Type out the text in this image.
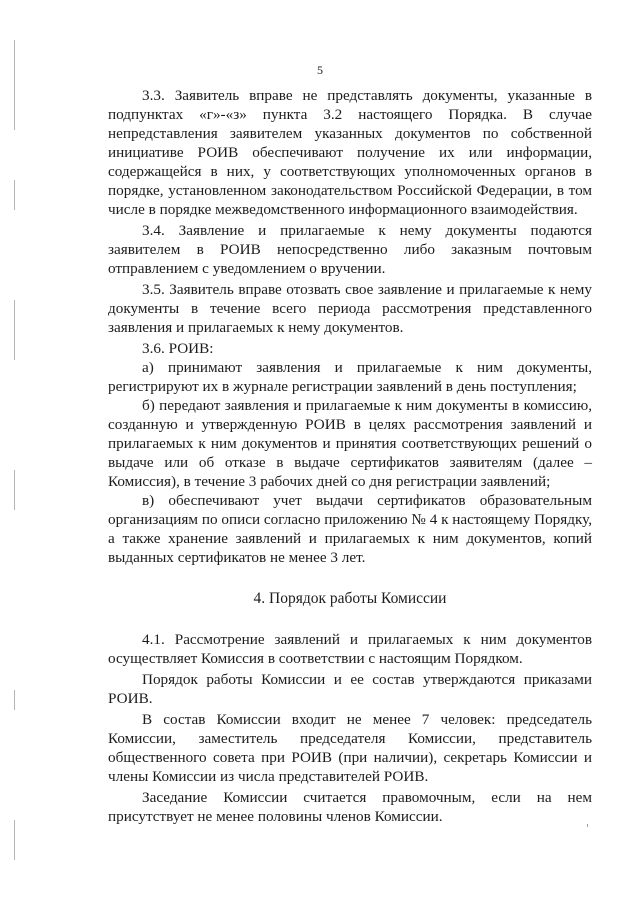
5

3.3. Заявитель вправе не представлять документы, указанные в подпунктах «г»-«з» пункта 3.2 настоящего Порядка. В случае непредставления заявителем указанных документов по собственной инициативе РОИВ обеспечивают получение их или информации, содержащейся в них, у соответствующих уполномоченных органов в порядке, установленном законодательством Российской Федерации, в том числе в порядке межведомственного информационного взаимодействия.

3.4. Заявление и прилагаемые к нему документы подаются заявителем в РОИВ непосредственно либо заказным почтовым отправлением с уведомлением о вручении.

3.5. Заявитель вправе отозвать свое заявление и прилагаемые к нему документы в течение всего периода рассмотрения представленного заявления и прилагаемых к нему документов.

3.6. РОИВ:

а) принимают заявления и прилагаемые к ним документы, регистрируют их в журнале регистрации заявлений в день поступления;

б) передают заявления и прилагаемые к ним документы в комиссию, созданную и утвержденную РОИВ в целях рассмотрения заявлений и прилагаемых к ним документов и принятия соответствующих решений о выдаче или об отказе в выдаче сертификатов заявителям (далее – Комиссия), в течение 3 рабочих дней со дня регистрации заявлений;

в) обеспечивают учет выдачи сертификатов образовательным организациям по описи согласно приложению № 4 к настоящему Порядку, а также хранение заявлений и прилагаемых к ним документов, копий выданных сертификатов не менее 3 лет.

4. Порядок работы Комиссии

4.1. Рассмотрение заявлений и прилагаемых к ним документов осуществляет Комиссия в соответствии с настоящим Порядком.

Порядок работы Комиссии и ее состав утверждаются приказами РОИВ.

В состав Комиссии входит не менее 7 человек: председатель Комиссии, заместитель председателя Комиссии, представитель общественного совета при РОИВ (при наличии), секретарь Комиссии и члены Комиссии из числа представителей РОИВ.

Заседание Комиссии считается правомочным, если на нем присутствует не менее половины членов Комиссии.
